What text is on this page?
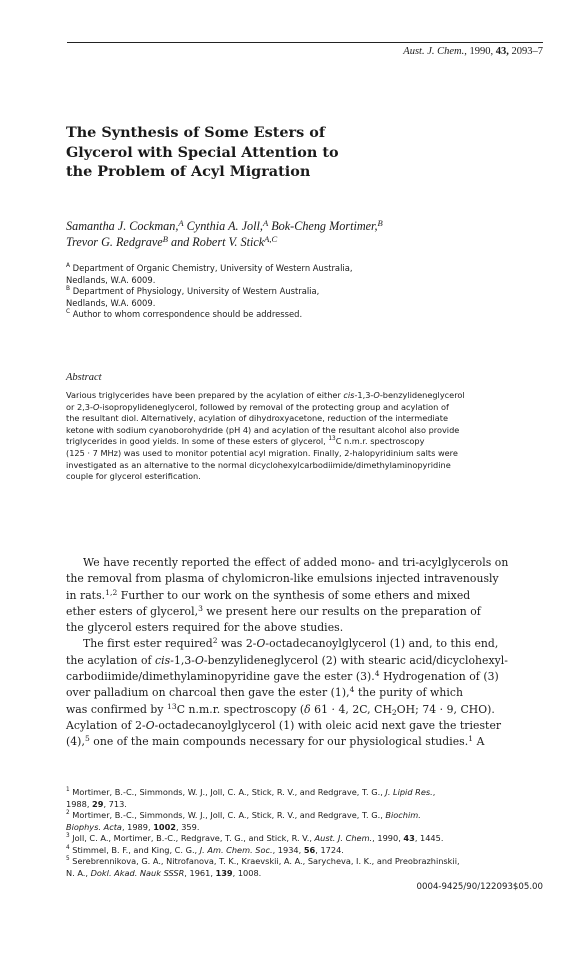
Aust. J. Chem., 1990, 43, 2093–7
The Synthesis of Some Esters of
Glycerol with Special Attention to
the Problem of Acyl Migration
Samantha J. Cockman,$^A$ Cynthia A. Joll,$^A$ Bok-Cheng Mortimer,$^B$
Trevor G. Redgrave$^B$ and Robert V. Stick$^{A,C}$
$^A$ Department of Organic Chemistry, University of Western Australia,
Nedlands, W.A. 6009.
$^B$ Department of Physiology, University of Western Australia,
Nedlands, W.A. 6009.
$^C$ Author to whom correspondence should be addressed.
Abstract
Various triglycerides have been prepared by the acylation of either cis-1,3-O-benzylideneglycerol
or 2,3-O-isopropylideneglycerol, followed by removal of the protecting group and acylation of
the resultant diol. Alternatively, acylation of dihydroxyacetone, reduction of the intermediate
ketone with sodium cyanoborohydride (pH 4) and acylation of the resultant alcohol also provide
triglycerides in good yields. In some of these esters of glycerol, $^{13}$C n.m.r. spectroscopy
(125 · 7 MHz) was used to monitor potential acyl migration. Finally, 2-halopyridinium salts were
investigated as an alternative to the normal dicyclohexylcarbodiimide/dimethylaminopyridine
couple for glycerol esterification.
We have recently reported the effect of added mono- and tri-acylglycerols on
the removal from plasma of chylomicron-like emulsions injected intravenously
in rats.$^{1,2}$ Further to our work on the synthesis of some ethers and mixed
ether esters of glycerol,$^3$ we present here our results on the preparation of
the glycerol esters required for the above studies.
The first ester required$^2$ was 2-O-octadecanoylglycerol (1) and, to this end,
the acylation of cis-1,3-O-benzylideneglycerol (2) with stearic acid/dicyclohexyl-
carbodiimide/dimethylaminopyridine gave the ester (3).$^4$ Hydrogenation of (3)
over palladium on charcoal then gave the ester (1),$^4$ the purity of which
was confirmed by $^{13}$C n.m.r. spectroscopy (δ 61 · 4, 2C, $CH_2OH$; 74 · 9, CHO).
Acylation of 2-O-octadecanoylglycerol (1) with oleic acid next gave the triester
(4),$^5$ one of the main compounds necessary for our physiological studies.$^1$ A
$^1$ Mortimer, B.-C., Simmonds, W. J., Joll, C. A., Stick, R. V., and Redgrave, T. G., J. Lipid Res.,
1988, 29, 713.
$^2$ Mortimer, B.-C., Simmonds, W. J., Joll, C. A., Stick, R. V., and Redgrave, T. G., Biochim.
Biophys. Acta, 1989, 1002, 359.
$^3$ Joll, C. A., Mortimer, B.-C., Redgrave, T. G., and Stick, R. V., Aust. J. Chem., 1990, 43, 1445.
$^4$ Stimmel, B. F., and King, C. G., J. Am. Chem. Soc., 1934, 56, 1724.
$^5$ Serebrennikova, G. A., Nitrofanova, T. K., Kraevskii, A. A., Sarycheva, I. K., and Preobrazhinskii,
N. A., Dokl. Akad. Nauk SSSR, 1961, 139, 1008.
0004-9425/90/122093$05.00
